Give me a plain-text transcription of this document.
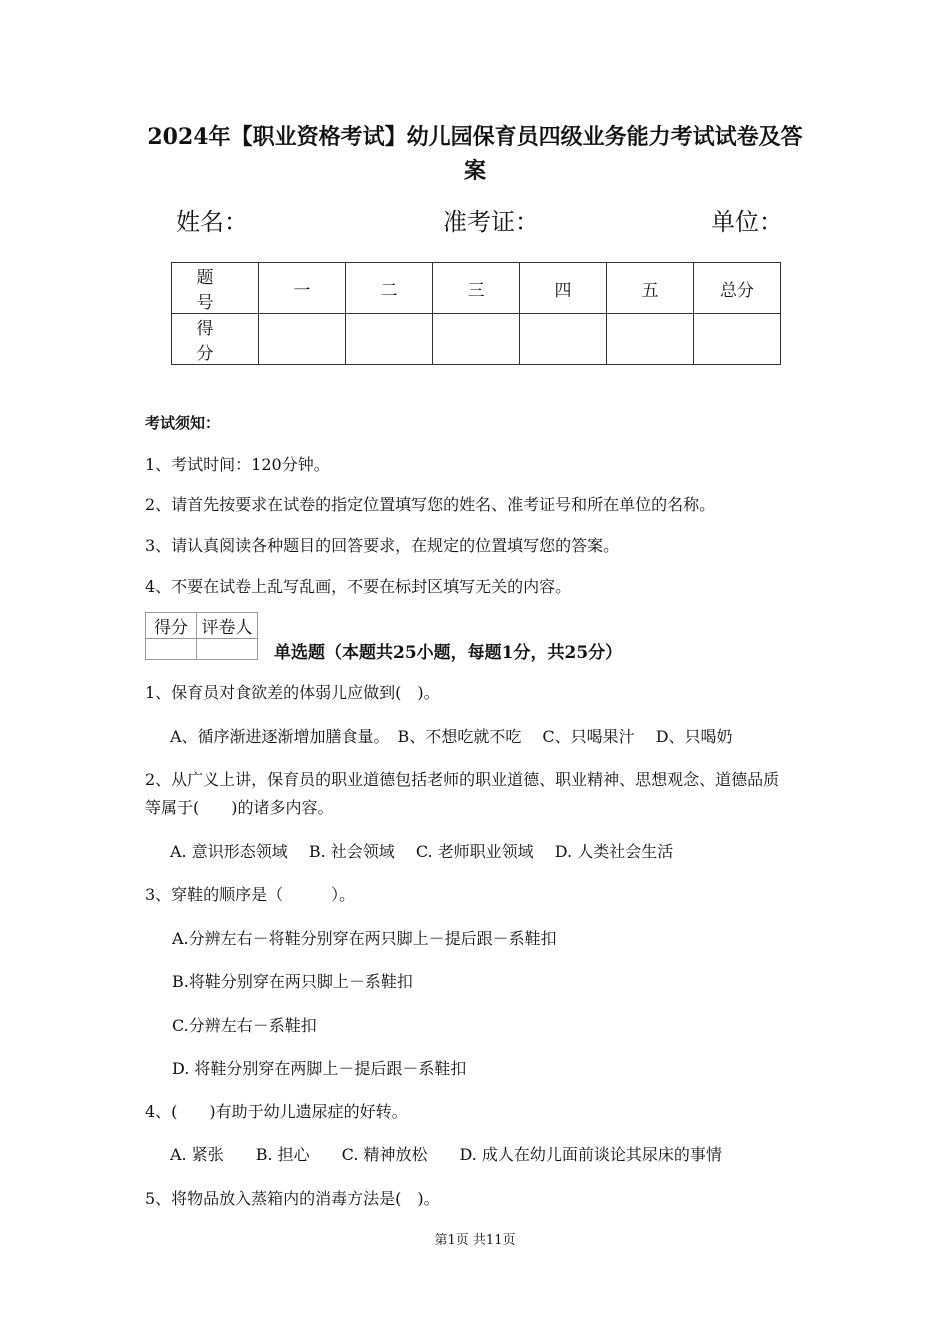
2024年【职业资格考试】幼儿园保育员四级业务能力考试试卷及答
案
姓名：	准考证：	单位：
题 号	一	二	三	四	五	总分
得 分						
考试须知：
1、考试时间：120分钟。
2、请首先按要求在试卷的指定位置填写您的姓名、准考证号和所在单位的名称。
3、请认真阅读各种题目的回答要求，在规定的位置填写您的答案。
4、不要在试卷上乱写乱画，不要在标封区填写无关的内容。
得分	评卷人

单选题（本题共25小题，每题1分，共25分）
1、保育员对食欲差的体弱儿应做到(　)。
A、循序渐进逐渐增加膳食量。　B、不想吃就不吃　 C、只喝果汁　 D、只喝奶
2、从广义上讲，保育员的职业道德包括老师的职业道德、职业精神、思想观念、道德品质
等属于(　　)的诸多内容。
A. 意识形态领域　 B. 社会领域　 C. 老师职业领域　 D. 人类社会生活
3、穿鞋的顺序是（　　　）。
A.分辨左右－将鞋分别穿在两只脚上－提后跟－系鞋扣
B.将鞋分别穿在两只脚上－系鞋扣
C.分辨左右－系鞋扣
D. 将鞋分别穿在两脚上－提后跟－系鞋扣
4、(　　)有助于幼儿遗尿症的好转。
A. 紧张　　B. 担心　　C. 精神放松　　D. 成人在幼儿面前谈论其尿床的事情
5、将物品放入蒸箱内的消毒方法是(　)。
第1页 共11页
